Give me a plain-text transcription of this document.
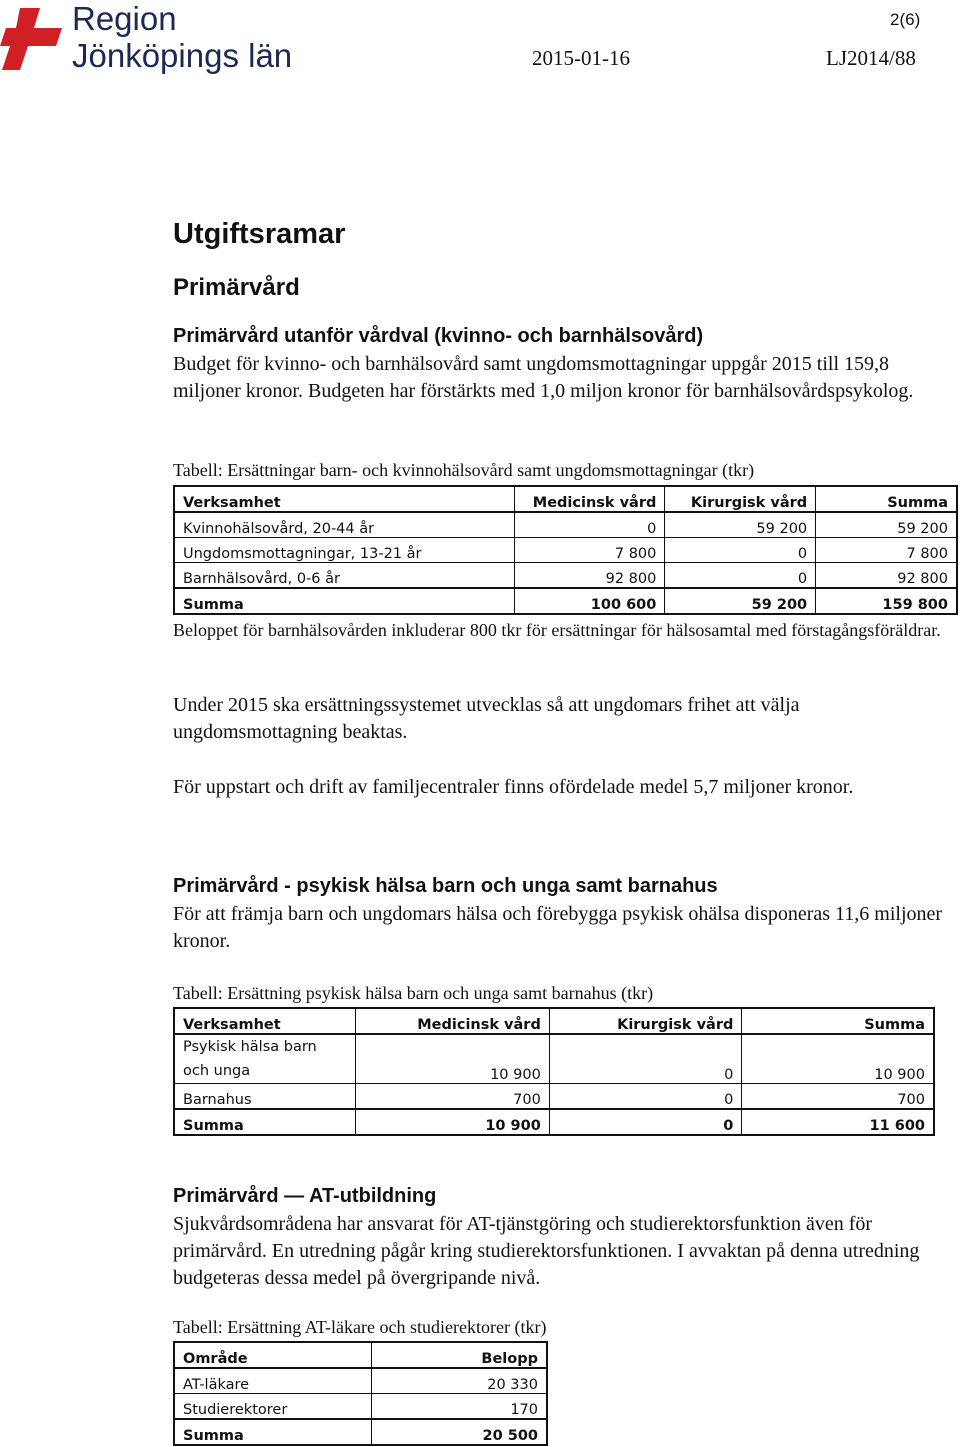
Region
Jönköpings län
2(6)
2015-01-16	LJ2014/88
Utgiftsramar
Primärvård
Primärvård utanför vårdval (kvinno- och barnhälsovård)
Budget för kvinno- och barnhälsovård samt ungdomsmottagningar uppgår 2015 till 159,8 miljoner kronor. Budgeten har förstärkts med 1,0 miljon kronor för barnhälsovårdspsykolog.
Tabell: Ersättningar barn- och kvinnohälsovård samt ungdomsmottagningar (tkr)
Verksamhet	Medicinsk vård	Kirurgisk vård	Summa
Kvinnohälsovård, 20-44 år	0	59 200	59 200
Ungdomsmottagningar, 13-21 år	7 800	0	7 800
Barnhälsovård, 0-6 år	92 800	0	92 800
Summa	100 600	59 200	159 800
Beloppet för barnhälsovården inkluderar 800 tkr för ersättningar för hälsosamtal med förstagångsföräldrar.
Under 2015 ska ersättningssystemet utvecklas så att ungdomars frihet att välja ungdomsmottagning beaktas.
För uppstart och drift av familjecentraler finns ofördelade medel 5,7 miljoner kronor.
Primärvård - psykisk hälsa barn och unga samt barnahus
För att främja barn och ungdomars hälsa och förebygga psykisk ohälsa disponeras 11,6 miljoner kronor.
Tabell: Ersättning psykisk hälsa barn och unga samt barnahus (tkr)
Verksamhet	Medicinsk vård	Kirurgisk vård	Summa
Psykisk hälsa barn
och unga	10 900	0	10 900
Barnahus	700	0	700
Summa	10 900	0	11 600
Primärvård — AT-utbildning
Sjukvårdsområdena har ansvarat för AT-tjänstgöring och studierektorsfunktion även för primärvård. En utredning pågår kring studierektorsfunktionen. I avvaktan på denna utredning budgeteras dessa medel på övergripande nivå.
Tabell: Ersättning AT-läkare och studierektorer (tkr)
Område	Belopp
AT-läkare	20 330
Studierektorer	170
Summa	20 500
